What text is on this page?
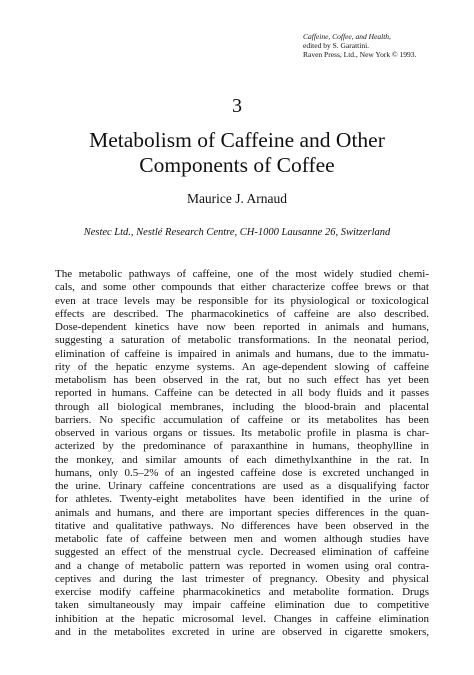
Caffeine, Coffee, and Health,
edited by S. Garattini.
Raven Press, Ltd., New York © 1993.
3
Metabolism of Caffeine and Other
Components of Coffee
Maurice J. Arnaud
Nestec Ltd., Nestlé Research Centre, CH-1000 Lausanne 26, Switzerland
The metabolic pathways of caffeine, one of the most widely studied chemi-
cals, and some other compounds that either characterize coffee brews or that
even at trace levels may be responsible for its physiological or toxicological
effects are described. The pharmacokinetics of caffeine are also described.
Dose-dependent kinetics have now been reported in animals and humans,
suggesting a saturation of metabolic transformations. In the neonatal period,
elimination of caffeine is impaired in animals and humans, due to the immatu-
rity of the hepatic enzyme systems. An age-dependent slowing of caffeine
metabolism has been observed in the rat, but no such effect has yet been
reported in humans. Caffeine can be detected in all body fluids and it passes
through all biological membranes, including the blood-brain and placental
barriers. No specific accumulation of caffeine or its metabolites has been
observed in various organs or tissues. Its metabolic profile in plasma is char-
acterized by the predominance of paraxanthine in humans, theophylline in
the monkey, and similar amounts of each dimethylxanthine in the rat. In
humans, only 0.5–2% of an ingested caffeine dose is excreted unchanged in
the urine. Urinary caffeine concentrations are used as a disqualifying factor
for athletes. Twenty-eight metabolites have been identified in the urine of
animals and humans, and there are important species differences in the quan-
titative and qualitative pathways. No differences have been observed in the
metabolic fate of caffeine between men and women although studies have
suggested an effect of the menstrual cycle. Decreased elimination of caffeine
and a change of metabolic pattern was reported in women using oral contra-
ceptives and during the last trimester of pregnancy. Obesity and physical
exercise modify caffeine pharmacokinetics and metabolite formation. Drugs
taken simultaneously may impair caffeine elimination due to competitive
inhibition at the hepatic microsomal level. Changes in caffeine elimination
and in the metabolites excreted in urine are observed in cigarette smokers,
